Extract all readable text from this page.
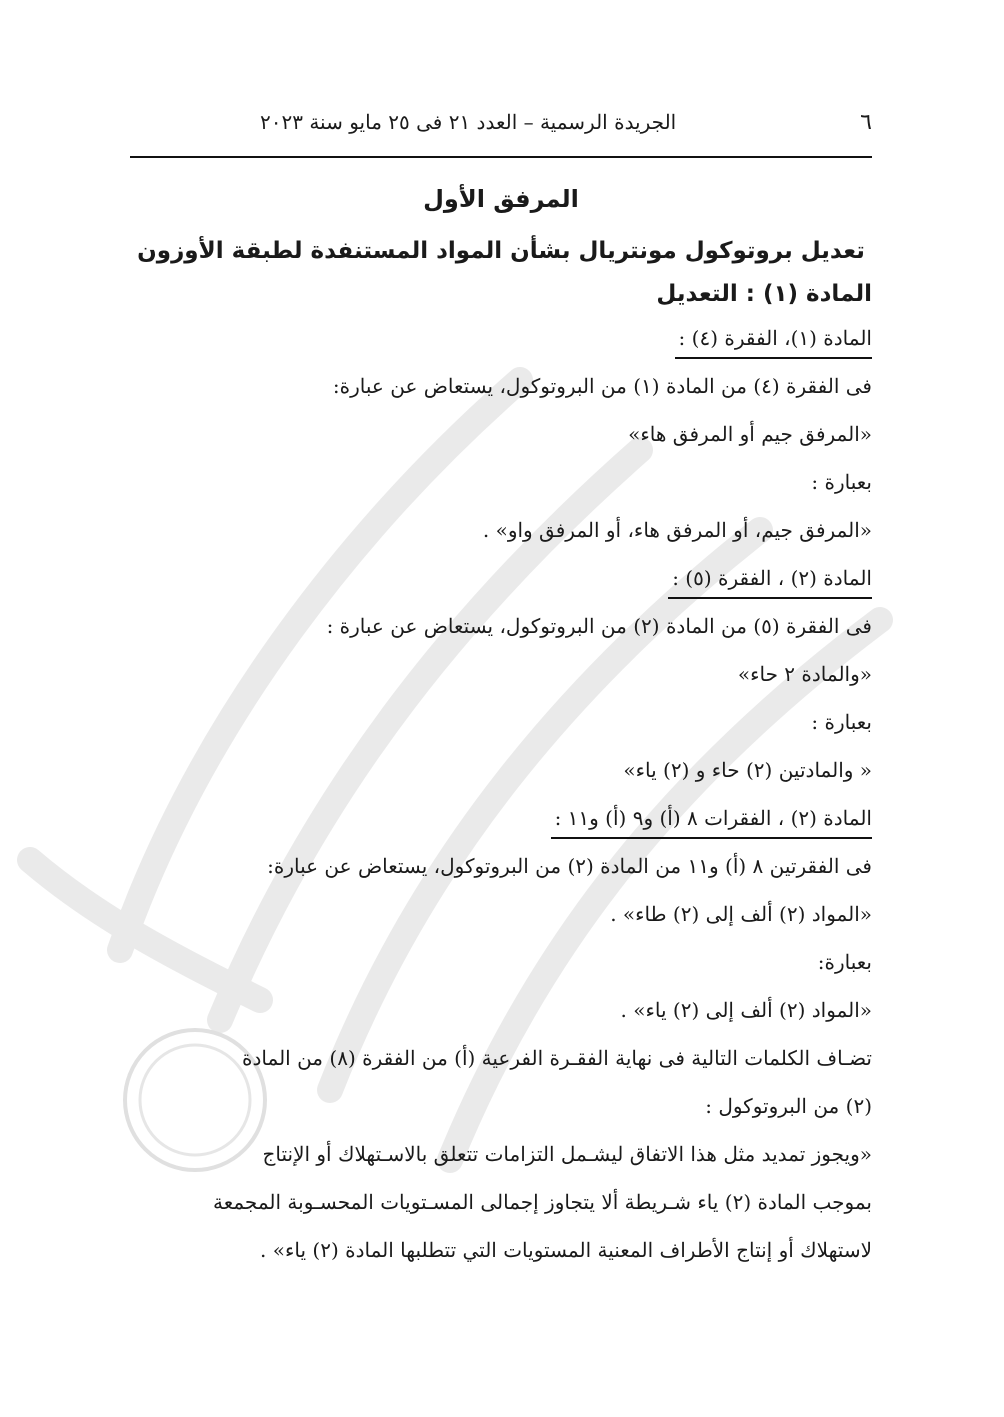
٦
الجريدة الرسمية – العدد ٢١ فى ٢٥ مايو سنة ٢٠٢٣
المرفق الأول
تعديل بروتوكول مونتريال بشأن المواد المستنفدة لطبقة الأوزون
المادة (١) : التعديل
المادة (١)، الفقرة (٤) :
فى الفقرة (٤) من المادة (١) من البروتوكول، يستعاض عن عبارة:
«المرفق جيم أو المرفق هاء»
بعبارة :
«المرفق جيم، أو المرفق هاء، أو المرفق واو» .
المادة (٢) ، الفقرة (٥) :
فى الفقرة (٥) من المادة (٢) من البروتوكول، يستعاض عن عبارة :
«والمادة ٢ حاء»
بعبارة :
« والمادتين (٢) حاء و (٢) ياء»
المادة (٢) ، الفقرات ٨ (أ) و٩ (أ) و١١ :
فى الفقرتين ٨ (أ) و١١ من المادة (٢) من البروتوكول، يستعاض عن عبارة:
«المواد (٢) ألف إلى (٢) طاء» .
بعبارة:
«المواد (٢) ألف إلى (٢) ياء» .
تضـاف الكلمات التالية فى نهاية الفقـرة الفرعية (أ) من الفقرة (٨) من المادة
(٢) من البروتوكول :
«ويجوز تمديد مثل هذا الاتفاق ليشـمل التزامات تتعلق بالاسـتهلاك أو الإنتاج
بموجب المادة (٢) ياء شـريطة ألا يتجاوز إجمالى المسـتويات المحسـوبة المجمعة
لاستهلاك أو إنتاج الأطراف المعنية المستويات التي تتطلبها المادة (٢) ياء» .
